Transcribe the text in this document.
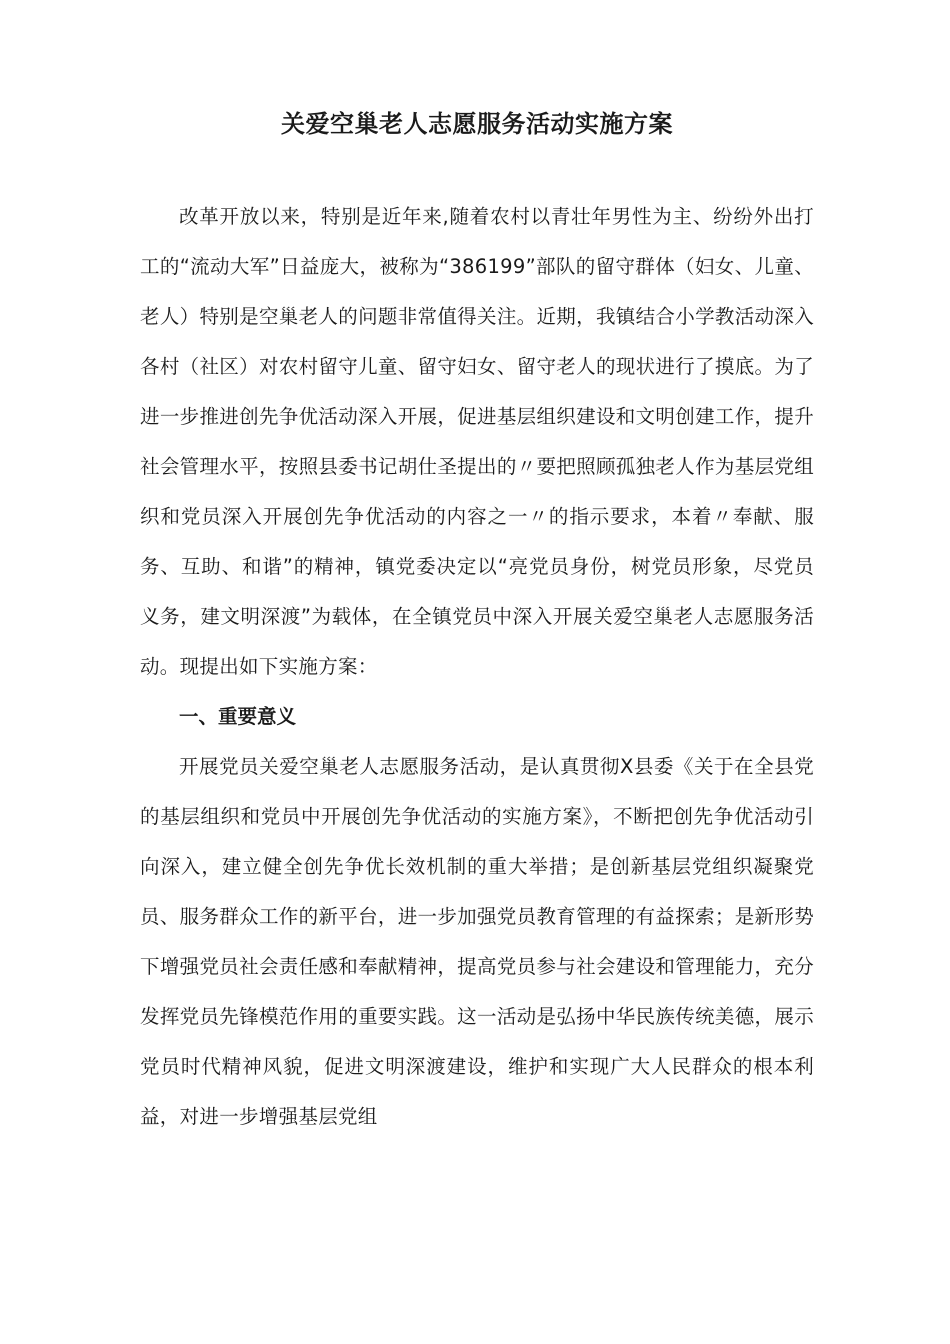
关爱空巢老人志愿服务活动实施方案

改革开放以来，特别是近年来,随着农村以青壮年男性为主、纷纷外出打工的“流动大军”日益庞大，被称为“386199”部队的留守群体（妇女、儿童、老人）特别是空巢老人的问题非常值得关注。近期，我镇结合小学教活动深入各村（社区）对农村留守儿童、留守妇女、留守老人的现状进行了摸底。为了进一步推进创先争优活动深入开展，促进基层组织建设和文明创建工作，提升社会管理水平，按照县委书记胡仕圣提出的〃要把照顾孤独老人作为基层党组织和党员深入开展创先争优活动的内容之一〃的指示要求，本着〃奉献、服务、互助、和谐”的精神，镇党委决定以“亮党员身份，树党员形象，尽党员义务，建文明深渡”为载体，在全镇党员中深入开展关爱空巢老人志愿服务活动。现提出如下实施方案：

一、重要意义

开展党员关爱空巢老人志愿服务活动，是认真贯彻X县委《关于在全县党的基层组织和党员中开展创先争优活动的实施方案》，不断把创先争优活动引向深入，建立健全创先争优长效机制的重大举措；是创新基层党组织凝聚党员、服务群众工作的新平台，进一步加强党员教育管理的有益探索；是新形势下增强党员社会责任感和奉献精神，提高党员参与社会建设和管理能力，充分发挥党员先锋模范作用的重要实践。这一活动是弘扬中华民族传统美德，展示党员时代精神风貌，促进文明深渡建设，维护和实现广大人民群众的根本利益，对进一步增强基层党组
